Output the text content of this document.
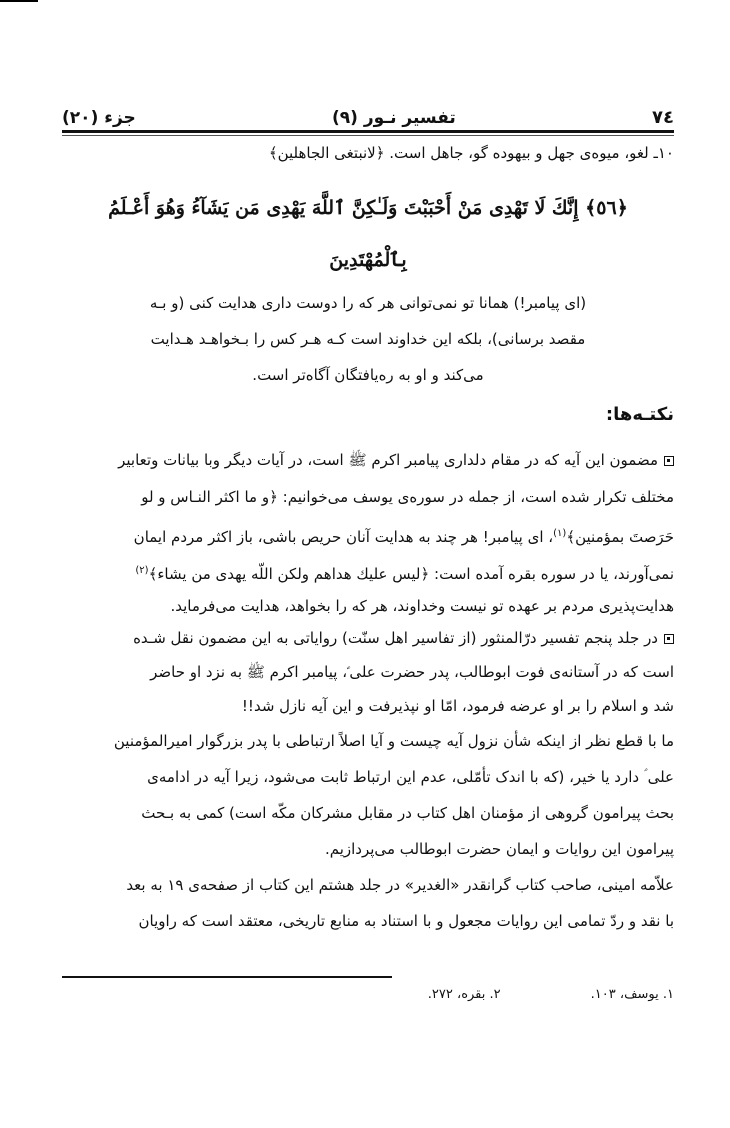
٧٤
تفسیر نـور (٩)
جزء (٢٠)
١٠ـ لغو، میوه‌ی جهل و بیهوده گو، جاهل است. ﴿لانبتغی الجاهلین﴾
﴿٥٦﴾ إِنَّكَ لَا تَهْدِى مَنْ أَحْبَبْتَ وَلَـٰكِنَّ ٱللَّهَ يَهْدِى مَن يَشَآءُ وَهُوَ أَعْـلَمُ
بِٱلْمُهْتَدِينَ
(ای پیامبر!) همانا تو نمی‌توانی هر که را دوست داری هدایت کنی (و بـه
مقصد برسانی)، بلکه این خداوند است کـه هـر کس را بـخواهـد هـدایت
می‌کند و او به ره‌یافتگان آگاه‌تر است.
نکتـه‌ها:
مضمون این آیه که در مقام دلداری پیامبر اکرم ﷺ است، در آیات دیگر وبا بیانات وتعابیر
مختلف تکرار شده است، از جمله در سوره‌ی یوسف می‌خوانیم: ﴿و ما اکثر النـاس و لو
حَرَصتَ بمؤمنین﴾$^{(١)}$، ای پیامبر! هر چند به هدایت آنان حریص باشی، باز اکثر مردم ایمان
نمی‌آورند، یا در سوره بقره آمده است: ﴿لیس علیك هداهم ولكن اللّه یهدی من یشاء﴾$^{(٢)}$
هدایت‌پذیری مردم بر عهده تو نیست وخداوند، هر که را بخواهد، هدایت می‌فرماید.
در جلد پنجم تفسیر درّالمنثور (از تفاسیر اهل سنّت) روایاتی به این مضمون نقل شـده
است که در آستانه‌ی فوت ابوطالب، پدر حضرت علی ؑ، پیامبر اکرم ﷺ به نزد او حاضر
شد و اسلام را بر او عرضه فرمود، امّا او نپذیرفت و این آیه نازل شد!!
ما با قطع نظر از اینکه شأن نزول آیه چیست و آیا اصلاً ارتباطی با پدر بزرگوار امیرالمؤمنین
علی ؑ دارد یا خیر، (که با اندک تأمّلی، عدم این ارتباط ثابت می‌شود، زیرا آیه در ادامه‌ی
بحث پیرامون گروهی از مؤمنان اهل کتاب در مقابل مشرکان مکّه است) کمی به بـحث
پیرامون این روایات و ایمان حضرت ابوطالب می‌پردازیم.
علاّمه امینی، صاحب کتاب گرانقدر «الغدیر» در جلد هشتم این کتاب از صفحه‌ی ١٩ به بعد
با نقد و ردّ تمامی این روایات مجعول و با استناد به منابع تاریخی، معتقد است که راویان
١. یوسف، ١٠٣.
٢. بقره، ٢٧٢.
